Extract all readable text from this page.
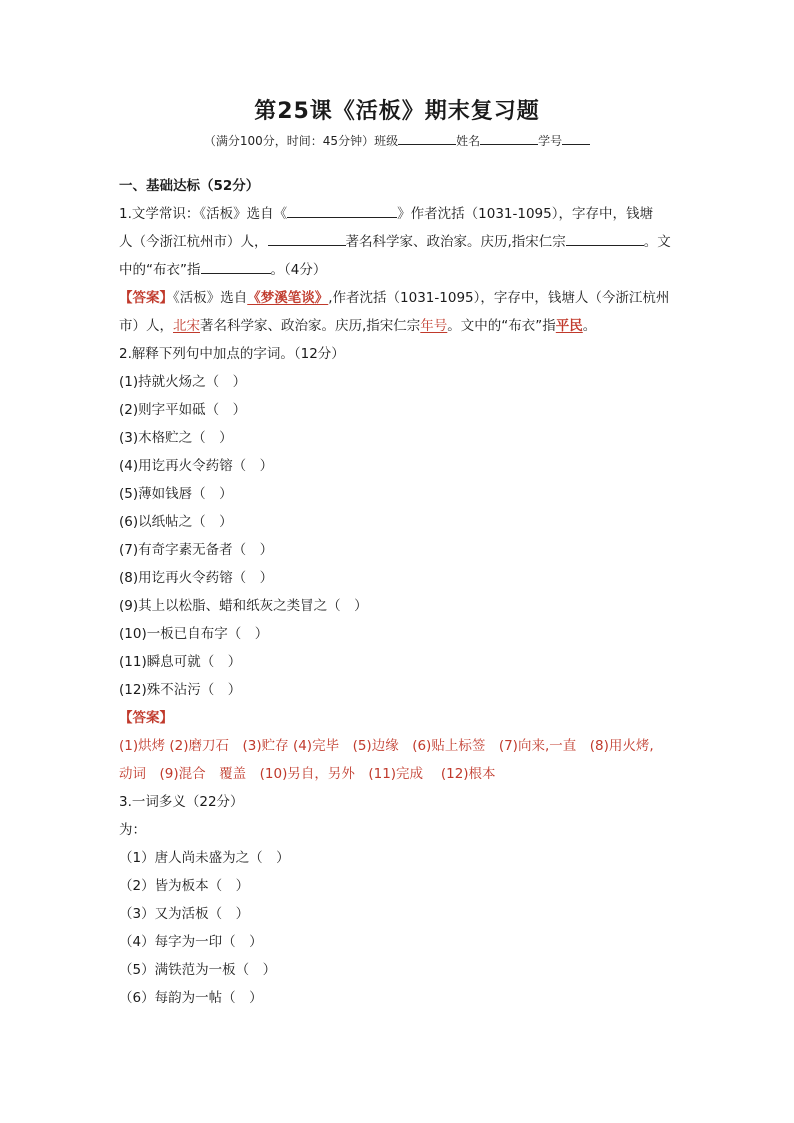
第25课《活板》期末复习题
（满分100分，时间：45分钟）班级	姓名	学号
一、基础达标（52分）
1.文学常识：《活板》选自《	》作者沈括（1031-1095），字存中，钱塘
人（今浙江杭州市）人，	著名科学家、政治家。庆历,指宋仁宗	。文
中的“布衣”指	。（4分）
【答案】《活板》选自《梦溪笔谈》,作者沈括（1031-1095），字存中，钱塘人（今浙江杭州
市）人，北宋著名科学家、政治家。庆历,指宋仁宗年号。文中的“布衣”指平民。
2.解释下列句中加点的字词。（12分）
(1)持就火炀之（　）
(2)则字平如砥（　）
(3)木格贮之（　）
(4)用讫再火令药镕（　）
(5)薄如钱唇（　）
(6)以纸帖之（　）
(7)有奇字素无备者（　）
(8)用讫再火令药镕（　）
(9)其上以松脂、蜡和纸灰之类冒之（　）
(10)一板已自布字（　）
(11)瞬息可就（　）
(12)殊不沾污（　）
【答案】
(1)烘烤 (2)磨刀石　(3)贮存 (4)完毕　(5)边缘　(6)贴上标签　(7)向来,一直　(8)用火烤,
动词　(9)混合　覆盖　(10)另自，另外　(11)完成　 (12)根本
3.一词多义（22分）
为：
（1）唐人尚未盛为之（　）
（2）皆为板本（　）
（3）又为活板（　）
（4）每字为一印（　）
（5）满铁范为一板（　）
（6）每韵为一帖（　）
